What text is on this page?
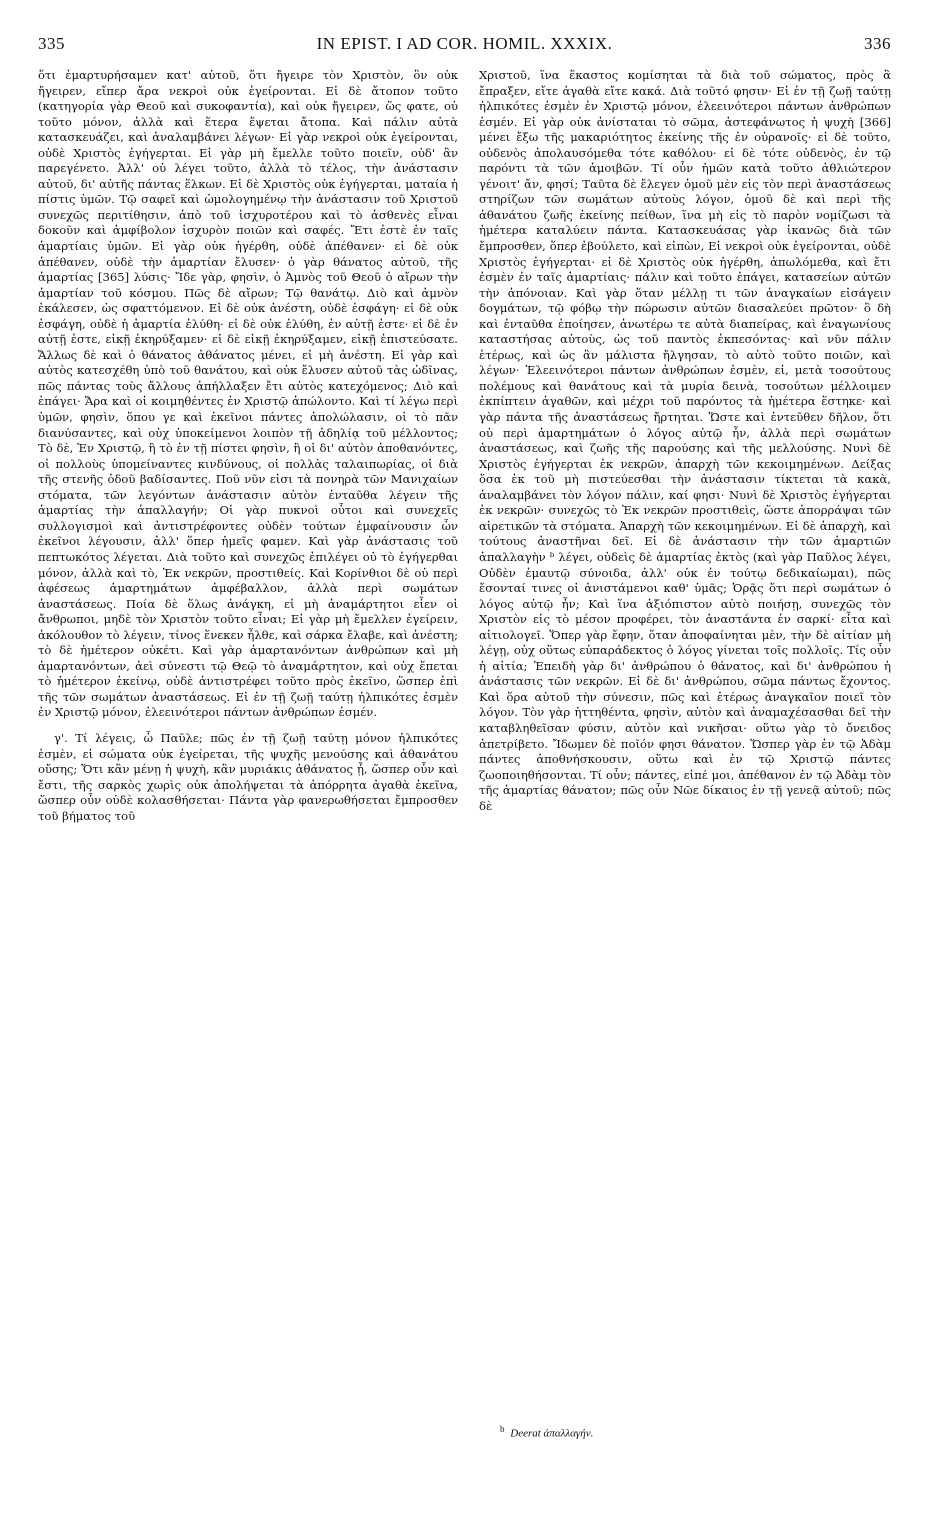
335	IN EPIST. I AD COR. HOMIL. XXXIX.	336

ὅτι ἐμαρτυρήσαμεν κατ' αὐτοῦ, ὅτι ἤγειρε τὸν Χριστὸν, ὃν οὐκ ἤγειρεν, εἴπερ ἄρα νεκροὶ οὐκ ἐγείρονται. Εἰ δὲ ἄτοπον τοῦτο (κατηγορία γὰρ Θεοῦ καὶ συκοφαντία), καὶ οὐκ ἤγειρεν, ὥς φατε, οὐ τοῦτο μόνον, ἀλλὰ καὶ ἕτερα ἕψεται ἄτοπα. Καὶ πάλιν αὐτὰ κατασκευάζει, καὶ ἀναλαμβάνει λέγων· Εἰ γὰρ νεκροὶ οὐκ ἐγείρονται, οὐδὲ Χριστὸς ἐγήγερται. Εἰ γὰρ μὴ ἔμελλε τοῦτο ποιεῖν, οὐδ' ἂν παρεγένετο. Ἀλλ' οὐ λέγει τοῦτο, ἀλλὰ τὸ τέλος, τὴν ἀνάστασιν αὐτοῦ, δι' αὐτῆς πάντας ἕλκων. Εἰ δὲ Χριστὸς οὐκ ἐγήγερται, ματαία ἡ πίστις ὑμῶν. Τῷ σαφεῖ καὶ ὡμολογημένῳ τὴν ἀνάστασιν τοῦ Χριστοῦ συνεχῶς περιτίθησιν, ἀπὸ τοῦ ἰσχυροτέρου καὶ τὸ ἀσθενὲς εἶναι δοκοῦν καὶ ἀμφίβολον ἰσχυρὸν ποιῶν καὶ σαφές. Ἔτι ἐστὲ ἐν ταῖς ἁμαρτίαις ὑμῶν. Εἰ γὰρ οὐκ ἠγέρθη, οὐδὲ ἀπέθανεν· εἰ δὲ οὐκ ἀπέθανεν, οὐδὲ τὴν ἁμαρτίαν ἔλυσεν· ὁ γὰρ θάνατος αὐτοῦ, τῆς ἁμαρτίας [365] λύσις· Ἴδε γὰρ, φησὶν, ὁ Ἀμνὸς τοῦ Θεοῦ ὁ αἴρων τὴν ἁμαρτίαν τοῦ κόσμου. Πῶς δὲ αἴρων; Τῷ θανάτῳ. Διὸ καὶ ἀμνὸν ἐκάλεσεν, ὡς σφαττόμενον. Εἰ δὲ οὐκ ἀνέστη, οὐδὲ ἐσφάγη· εἰ δὲ οὐκ ἐσφάγη, οὐδὲ ἡ ἁμαρτία ἐλύθη· εἰ δὲ οὐκ ἐλύθη, ἐν αὐτῇ ἐστε· εἰ δὲ ἐν αὐτῇ ἐστε, εἰκῇ ἐκηρύξαμεν· εἰ δὲ εἰκῇ ἐκηρύξαμεν, εἰκῇ ἐπιστεύσατε. Ἄλλως δὲ καὶ ὁ θάνατος ἀθάνατος μένει, εἰ μὴ ἀνέστη. Εἰ γὰρ καὶ αὐτὸς κατεσχέθη ὑπὸ τοῦ θανάτου, καὶ οὐκ ἔλυσεν αὐτοῦ τὰς ὠδῖνας, πῶς πάντας τοὺς ἄλλους ἀπήλλαξεν ἔτι αὐτὸς κατεχόμενος; Διὸ καὶ ἐπάγει· Ἄρα καὶ οἱ κοιμηθέντες ἐν Χριστῷ ἀπώλοντο. Καὶ τί λέγω περὶ ὑμῶν, φησὶν, ὅπου γε καὶ ἐκεῖνοι πάντες ἀπολώλασιν, οἱ τὸ πᾶν διανύσαντες, καὶ οὐχ ὑποκείμενοι λοιπὸν τῇ ἀδηλίᾳ τοῦ μέλλοντος; Τὸ δὲ, Ἐν Χριστῷ, ἢ τὸ ἐν τῇ πίστει φησὶν, ἢ οἱ δι' αὐτὸν ἀποθανόντες, οἱ πολλοὺς ὑπομείναντες κινδύνους, οἱ πολλὰς ταλαιπωρίας, οἱ διὰ τῆς στενῆς ὁδοῦ βαδίσαντες. Ποῦ νῦν εἰσι τὰ πονηρὰ τῶν Μανιχαίων στόματα, τῶν λεγόντων ἀνάστασιν αὐτὸν ἐνταῦθα λέγειν τῆς ἁμαρτίας τὴν ἀπαλλαγήν; Οἱ γὰρ πυκνοὶ οὗτοι καὶ συνεχεῖς συλλογισμοὶ καὶ ἀντιστρέφοντες οὐδὲν τούτων ἐμφαίνουσιν ὧν ἐκεῖνοι λέγουσιν, ἀλλ' ὅπερ ἡμεῖς φαμεν. Καὶ γὰρ ἀνάστασις τοῦ πεπτωκότος λέγεται. Διὰ τοῦτο καὶ συνεχῶς ἐπιλέγει οὐ τὸ ἐγήγερθαι μόνον, ἀλλὰ καὶ τὸ, Ἐκ νεκρῶν, προστιθείς. Καὶ Κορίνθιοι δὲ οὐ περὶ ἀφέσεως ἁμαρτημάτων ἀμφέβαλλον, ἀλλὰ περὶ σωμάτων ἀναστάσεως. Ποία δὲ ὅλως ἀνάγκη, εἰ μὴ ἀναμάρτητοι εἶεν οἱ ἄνθρωποι, μηδὲ τὸν Χριστὸν τοῦτο εἶναι; Εἰ γὰρ μὴ ἔμελλεν ἐγείρειν, ἀκόλουθον τὸ λέγειν, τίνος ἕνεκεν ἦλθε, καὶ σάρκα ἔλαβε, καὶ ἀνέστη; τὸ δὲ ἡμέτερον οὐκέτι. Καὶ γὰρ ἁμαρτανόντων ἀνθρώπων καὶ μὴ ἁμαρτανόντων, ἀεὶ σύνεστι τῷ Θεῷ τὸ ἀναμάρτητον, καὶ οὐχ ἕπεται τὸ ἡμέτερον ἐκείνῳ, οὐδὲ ἀντιστρέφει τοῦτο πρὸς ἐκεῖνο, ὥσπερ ἐπὶ τῆς τῶν σωμάτων ἀναστάσεως. Εἰ ἐν τῇ ζωῇ ταύτῃ ἠλπικότες ἐσμὲν ἐν Χριστῷ μόνον, ἐλεεινότεροι πάντων ἀνθρώπων ἐσμέν.

γ'. Τί λέγεις, ὦ Παῦλε; πῶς ἐν τῇ ζωῇ ταύτῃ μόνον ἠλπικότες ἐσμὲν, εἰ σώματα οὐκ ἐγείρεται, τῆς ψυχῆς μενούσης καὶ ἀθανάτου οὔσης; Ὅτι κἂν μένῃ ἡ ψυχὴ, κἂν μυριάκις ἀθάνατος ᾖ, ὥσπερ οὖν καὶ ἔστι, τῆς σαρκὸς χωρὶς οὐκ ἀπολήψεται τὰ ἀπόρρητα ἀγαθὰ ἐκεῖνα, ὥσπερ οὖν οὐδὲ κολασθήσεται· Πάντα γὰρ φανερωθήσεται ἔμπροσθεν τοῦ βήματος τοῦ

Χριστοῦ, ἵνα ἕκαστος κομίσηται τὰ διὰ τοῦ σώματος, πρὸς ἃ ἔπραξεν, εἴτε ἀγαθὰ εἴτε κακά. Διὰ τοῦτό φησιν· Εἰ ἐν τῇ ζωῇ ταύτῃ ἠλπικότες ἐσμὲν ἐν Χριστῷ μόνον, ἐλεεινότεροι πάντων ἀνθρώπων ἐσμέν. Εἰ γὰρ οὐκ ἀνίσταται τὸ σῶμα, ἀστεφάνωτος ἡ ψυχὴ [366] μένει ἔξω τῆς μακαριότητος ἐκείνης τῆς ἐν οὐρανοῖς· εἰ δὲ τοῦτο, οὐδενὸς ἀπολαυσόμεθα τότε καθόλου· εἰ δὲ τότε οὐδενὸς, ἐν τῷ παρόντι τὰ τῶν ἀμοιβῶν. Τί οὖν ἡμῶν κατὰ τοῦτο ἀθλιώτερον γένοιτ' ἄν, φησί; Ταῦτα δὲ ἔλεγεν ὁμοῦ μὲν εἰς τὸν περὶ ἀναστάσεως στηρίζων τῶν σωμάτων αὐτοὺς λόγον, ὁμοῦ δὲ καὶ περὶ τῆς ἀθανάτου ζωῆς ἐκείνης πείθων, ἵνα μὴ εἰς τὸ παρὸν νομίζωσι τὰ ἡμέτερα καταλύειν πάντα. Κατασκευάσας γὰρ ἱκανῶς διὰ τῶν ἔμπροσθεν, ὅπερ ἐβούλετο, καὶ εἰπὼν, Εἰ νεκροὶ οὐκ ἐγείρονται, οὐδὲ Χριστὸς ἐγήγερται· εἰ δὲ Χριστὸς οὐκ ἠγέρθη, ἀπωλόμεθα, καὶ ἔτι ἐσμὲν ἐν ταῖς ἁμαρτίαις· πάλιν καὶ τοῦτο ἐπάγει, κατασείων αὐτῶν τὴν ἀπόνοιαν. Καὶ γὰρ ὅταν μέλλῃ τι τῶν ἀναγκαίων εἰσάγειν δογμάτων, τῷ φόβῳ τὴν πώρωσιν αὐτῶν διασαλεύει πρῶτον· ὃ δὴ καὶ ἐνταῦθα ἐποίησεν, ἀνωτέρω τε αὐτὰ διαπείρας, καὶ ἐναγωνίους καταστήσας αὐτοὺς, ὡς τοῦ παντὸς ἐκπεσόντας· καὶ νῦν πάλιν ἑτέρως, καὶ ὡς ἂν μάλιστα ἤλγησαν, τὸ αὐτὸ τοῦτο ποιῶν, καὶ λέγων· Ἐλεεινότεροι πάντων ἀνθρώπων ἐσμὲν, εἰ, μετὰ τοσούτους πολέμους καὶ θανάτους καὶ τὰ μυρία δεινὰ, τοσούτων μέλλοιμεν ἐκπίπτειν ἀγαθῶν, καὶ μέχρι τοῦ παρόντος τὰ ἡμέτερα ἕστηκε· καὶ γὰρ πάντα τῆς ἀναστάσεως ἤρτηται. Ὥστε καὶ ἐντεῦθεν δῆλον, ὅτι οὐ περὶ ἁμαρτημάτων ὁ λόγος αὐτῷ ἦν, ἀλλὰ περὶ σωμάτων ἀναστάσεως, καὶ ζωῆς τῆς παρούσης καὶ τῆς μελλούσης. Νυνὶ δὲ Χριστὸς ἐγήγερται ἐκ νεκρῶν, ἀπαρχὴ τῶν κεκοιμημένων. Δείξας ὅσα ἐκ τοῦ μὴ πιστεύεσθαι τὴν ἀνάστασιν τίκτεται τὰ κακὰ, ἀναλαμβάνει τὸν λόγον πάλιν, καί φησι· Νυνὶ δὲ Χριστὸς ἐγήγερται ἐκ νεκρῶν· συνεχῶς τὸ Ἐκ νεκρῶν προστιθεὶς, ὥστε ἀπορράψαι τῶν αἱρετικῶν τὰ στόματα. Ἀπαρχὴ τῶν κεκοιμημένων. Εἰ δὲ ἀπαρχὴ, καὶ τούτους ἀναστῆναι δεῖ. Εἰ δὲ ἀνάστασιν τὴν τῶν ἁμαρτιῶν ἀπαλλαγὴν ᵇ λέγει, οὐδεὶς δὲ ἁμαρτίας ἐκτὸς (καὶ γὰρ Παῦλος λέγει, Οὐδὲν ἐμαυτῷ σύνοιδα, ἀλλ' οὐκ ἐν τούτῳ δεδικαίωμαι), πῶς ἔσονταί τινες οἱ ἀνιστάμενοι καθ' ὑμᾶς; Ὁρᾷς ὅτι περὶ σωμάτων ὁ λόγος αὐτῷ ἦν; Καὶ ἵνα ἀξιόπιστον αὐτὸ ποιήσῃ, συνεχῶς τὸν Χριστὸν εἰς τὸ μέσον προφέρει, τὸν ἀναστάντα ἐν σαρκί· εἶτα καὶ αἰτιολογεῖ. Ὅπερ γὰρ ἔφην, ὅταν ἀποφαίνηται μὲν, τὴν δὲ αἰτίαν μὴ λέγῃ, οὐχ οὕτως εὐπαράδεκτος ὁ λόγος γίνεται τοῖς πολλοῖς. Τίς οὖν ἡ αἰτία; Ἐπειδὴ γὰρ δι' ἀνθρώπου ὁ θάνατος, καὶ δι' ἀνθρώπου ἡ ἀνάστασις τῶν νεκρῶν. Εἰ δὲ δι' ἀνθρώπου, σῶμα πάντως ἔχοντος. Καὶ ὅρα αὐτοῦ τὴν σύνεσιν, πῶς καὶ ἑτέρως ἀναγκαῖον ποιεῖ τὸν λόγον. Τὸν γὰρ ἡττηθέντα, φησὶν, αὐτὸν καὶ ἀναμαχέσασθαι δεῖ τὴν καταβληθεῖσαν φύσιν, αὐτὸν καὶ νικῆσαι· οὕτω γὰρ τὸ ὄνειδος ἀπετρίβετο. Ἴδωμεν δὲ ποῖόν φησι θάνατον. Ὥσπερ γὰρ ἐν τῷ Ἀδὰμ πάντες ἀποθνήσκουσιν, οὕτω καὶ ἐν τῷ Χριστῷ πάντες ζωοποιηθήσονται. Τί οὖν; πάντες, εἰπέ μοι, ἀπέθανον ἐν τῷ Ἀδὰμ τὸν τῆς ἁμαρτίας θάνατον; πῶς οὖν Νῶε δίκαιος ἐν τῇ γενεᾷ αὐτοῦ; πῶς δὲ

$^b$ Deerat ἀπαλλαγήν.
